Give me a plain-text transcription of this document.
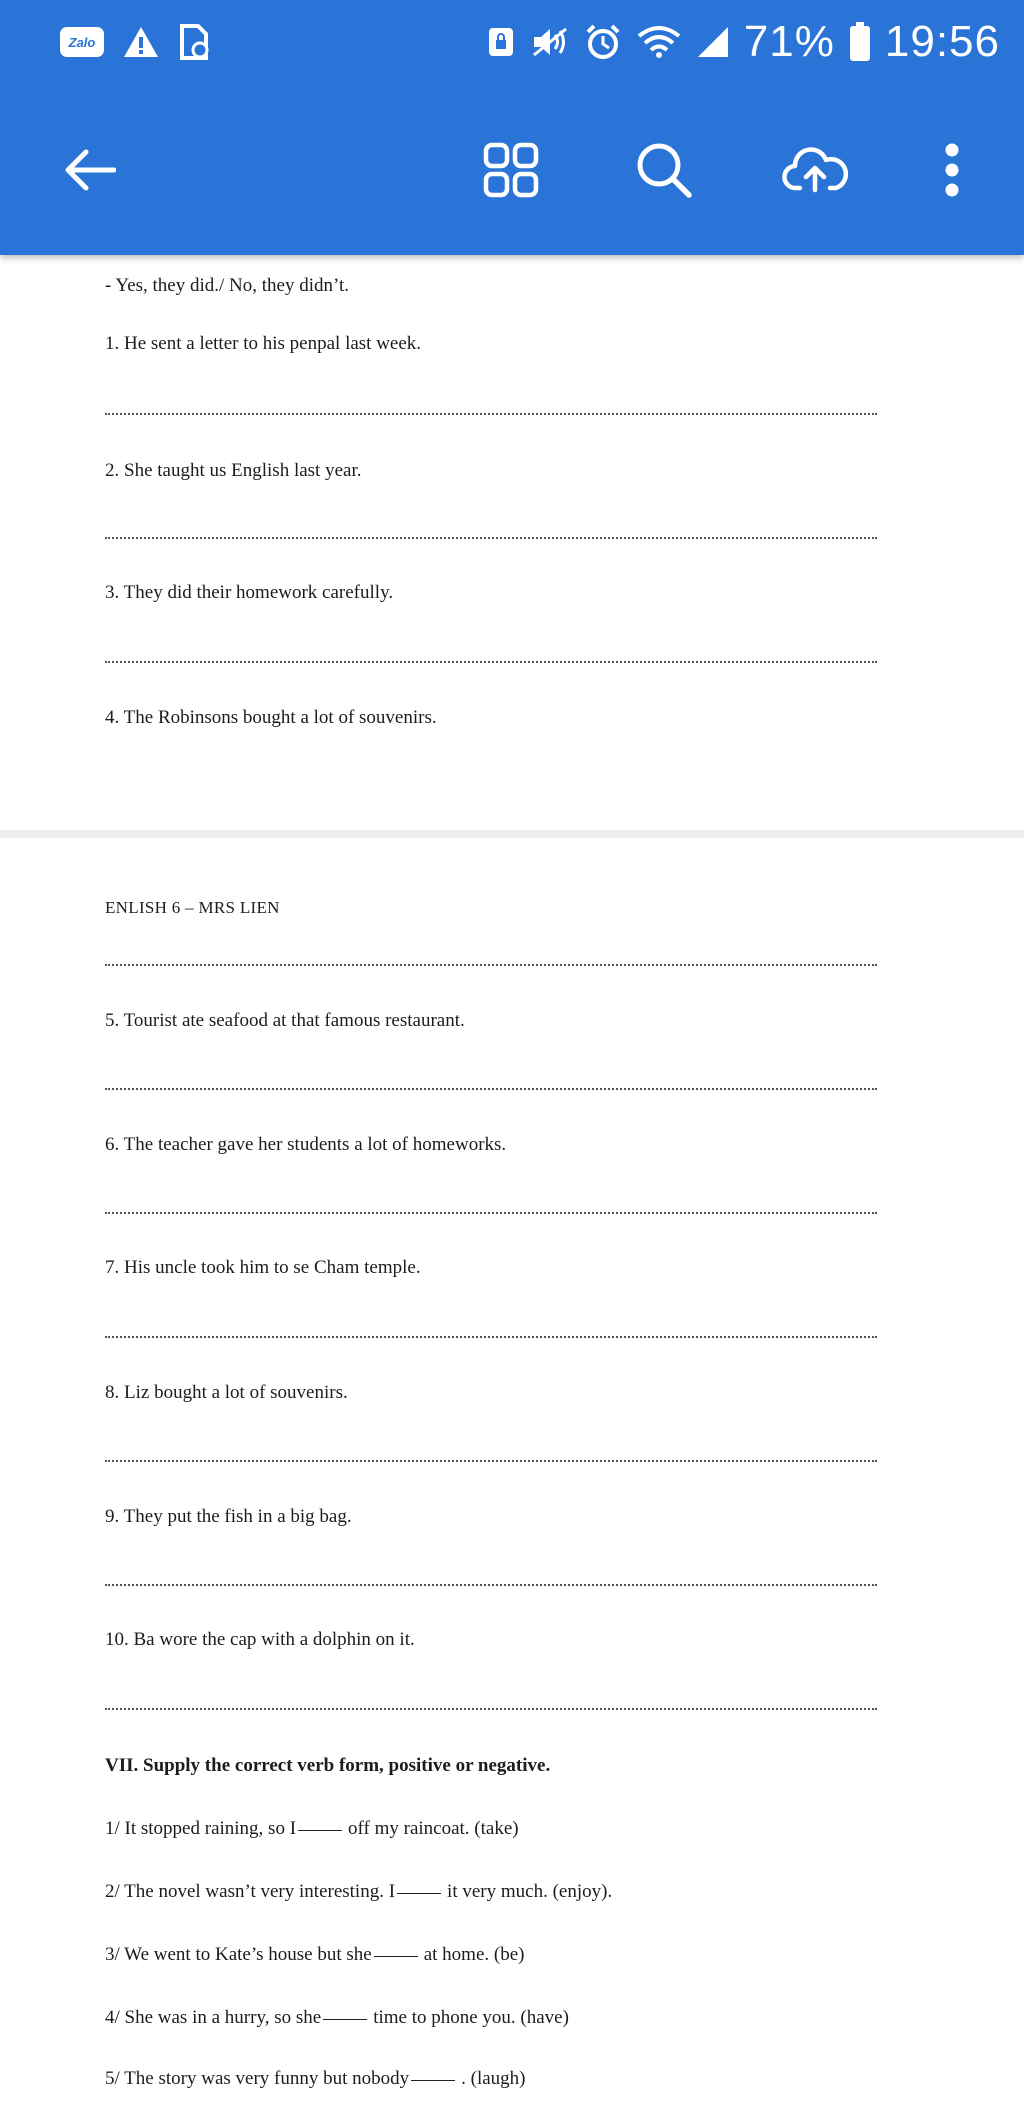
Zalo	71% 19:56
- Yes, they did./ No, they didn’t.
1. He sent a letter to his penpal last week.
2. She taught us English last year.
3. They did their homework carefully.
4. The Robinsons bought a lot of souvenirs.
ENLISH 6 – MRS LIEN
5. Tourist ate seafood at that famous restaurant.
6. The teacher gave her students a lot of homeworks.
7. His uncle took him to se Cham temple.
8. Liz bought a lot of souvenirs.
9. They put the fish in a big bag.
10. Ba wore the cap with a dolphin on it.
VII. Supply the correct verb form, positive or negative.
1/ It stopped raining, so I	off my raincoat. (take)
2/ The novel wasn’t very interesting. I	it very much. (enjoy).
3/ We went to Kate’s house but she	at home. (be)
4/ She was in a hurry, so she	time to phone you. (have)
5/ The story was very funny but nobody	. (laugh)
